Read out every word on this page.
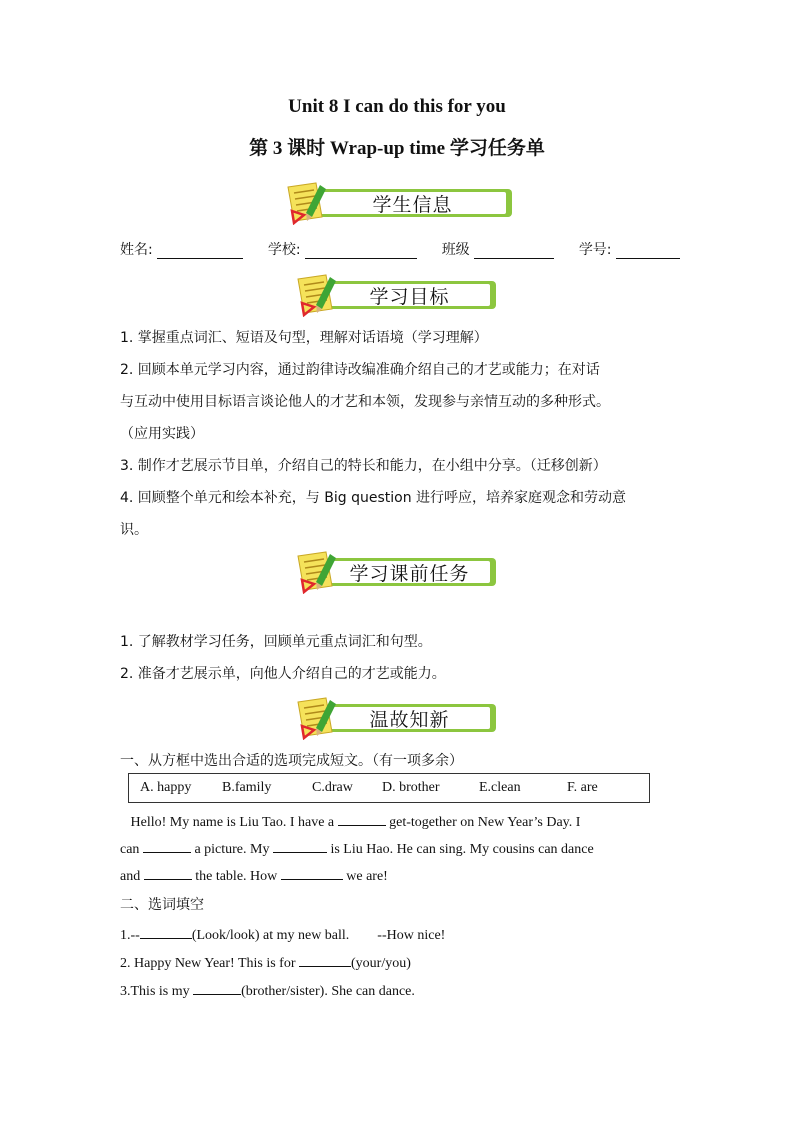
Unit 8 I can do this for you
第 3 课时 Wrap-up time 学习任务单
学生信息
姓名:	学校:	班级	学号:
学习目标
1. 掌握重点词汇、短语及句型，理解对话语境（学习理解）
2. 回顾本单元学习内容，通过韵律诗改编准确介绍自己的才艺或能力；在对话
与互动中使用目标语言谈论他人的才艺和本领，发现参与亲情互动的多种形式。
（应用实践）
3. 制作才艺展示节目单，介绍自己的特长和能力，在小组中分享。（迁移创新）
4. 回顾整个单元和绘本补充，与 Big question 进行呼应，培养家庭观念和劳动意
识。
学习课前任务
1. 了解教材学习任务，回顾单元重点词汇和句型。
2. 准备才艺展示单，向他人介绍自己的才艺或能力。
温故知新
一、从方框中选出合适的选项完成短文。（有一项多余）
A. happy B.family	C.draw D. brother	E.clean	F. are
Hello! My name is Liu Tao. I have a	get-together on New Year’s Day. I
can	a picture. My	is Liu Hao. He can sing. My cousins can dance
and	the table. How	we are!
二、选词填空
1.--	(Look/look) at my new ball. --How nice!
2. Happy New Year! This is for	(your/you)
3.This is my	(brother/sister). She can dance.
